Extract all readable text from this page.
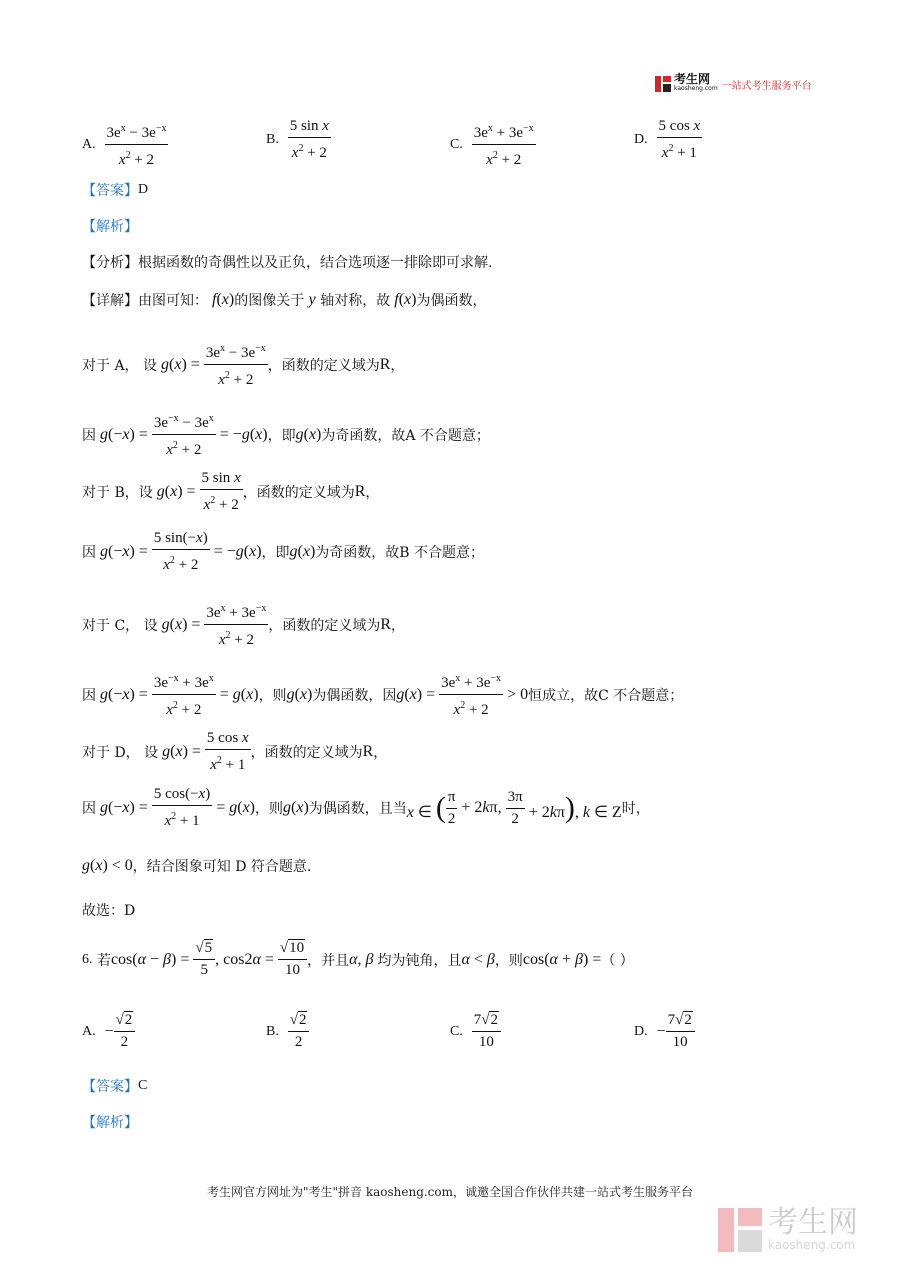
考生网
kaosheng.com 一站式考生服务平台
A.
$\frac{3e^x - 3e^{-x}}{x^2 + 2}$	B.
$\frac{\text{5 sin x}}{x^2 + 2}$	C.
$\frac{3e^x + 3e^{-x}}{x^2 + 2}$	D.
$\frac{\text{5 cos x}}{x^2 + 1}$
【答案】 D
【解析】
【分析】 根据函数的奇偶性以及正负，结合选项逐一排除即可求解.
【详解】 由图可知： f(x) 的图像关于
y
轴对称，故 f(x) 为偶函数，
对于 A， 设 $g(x) = \frac{3e^x - 3e^{-x}}{x^2 + 2}$ ，函数的定义域为 R ，
因 $g(-x) = \frac{3e^{-x} - 3e^x}{x^2 + 2} = -g(x)$ ，即 g(x) 为奇函数，故 A 不合题意；
对于 B，设 $g(x) = \frac{\text{5 sin x}}{x^2 + 2}$ ，函数的定义域为 R ，
因 $g(-x) = \frac{5 \sin(-x)}{x^2 + 2} = -g(x)$ ，即 g(x) 为奇函数，故 B 不合题意；
对于 C， 设 $g(x) = \frac{3e^x + 3e^{-x}}{x^2 + 2}$ ，函数的定义域为 R ，
因 $g(-x) = \frac{3e^{-x} + 3e^x}{x^2 + 2} = g(x)$ ，则 g(x) 为偶函数，因 $g(x) = \frac{3e^x + 3e^{-x}}{x^2 + 2} > 0$ 恒成立，故 C 不合题意；
对于 D， 设 $g(x) = \frac{\text{5 cos x}}{x^2 + 1}$ ，函数的定义域为 R ，
因 $g(-x) = \frac{5 \cos(-x)}{x^2 + 1} = g(x)$ ，则 g(x) 为偶函数，且当 x ∈ ( $\frac{\pi}{2} + 2k\pi$, $\frac{3\pi}{2} + 2k\pi$), k ∈ Z 时，
g(x) < 0 ，结合图象可知 D 符合题意.
故选：D
6.
若 $\cos(\alpha - \beta) = \frac{√5}{5}$ , $\cos 2\alpha = \frac{√10}{10}$ ，并且 α, β 均为钝角，且 α < β ，则 cos(α + β) = （ ）
A.
− $\frac{√2}{2}$	B.
$\frac{√2}{2}$	C.
$\frac{7√2}{10}$	D.
− $\frac{7√2}{10}$
【答案】 C
【解析】
考生网官方网址为"考生"拼音 kaosheng.com，诚邀全国合作伙伴共建一站式考生服务平台
考生网
kaosheng.com
